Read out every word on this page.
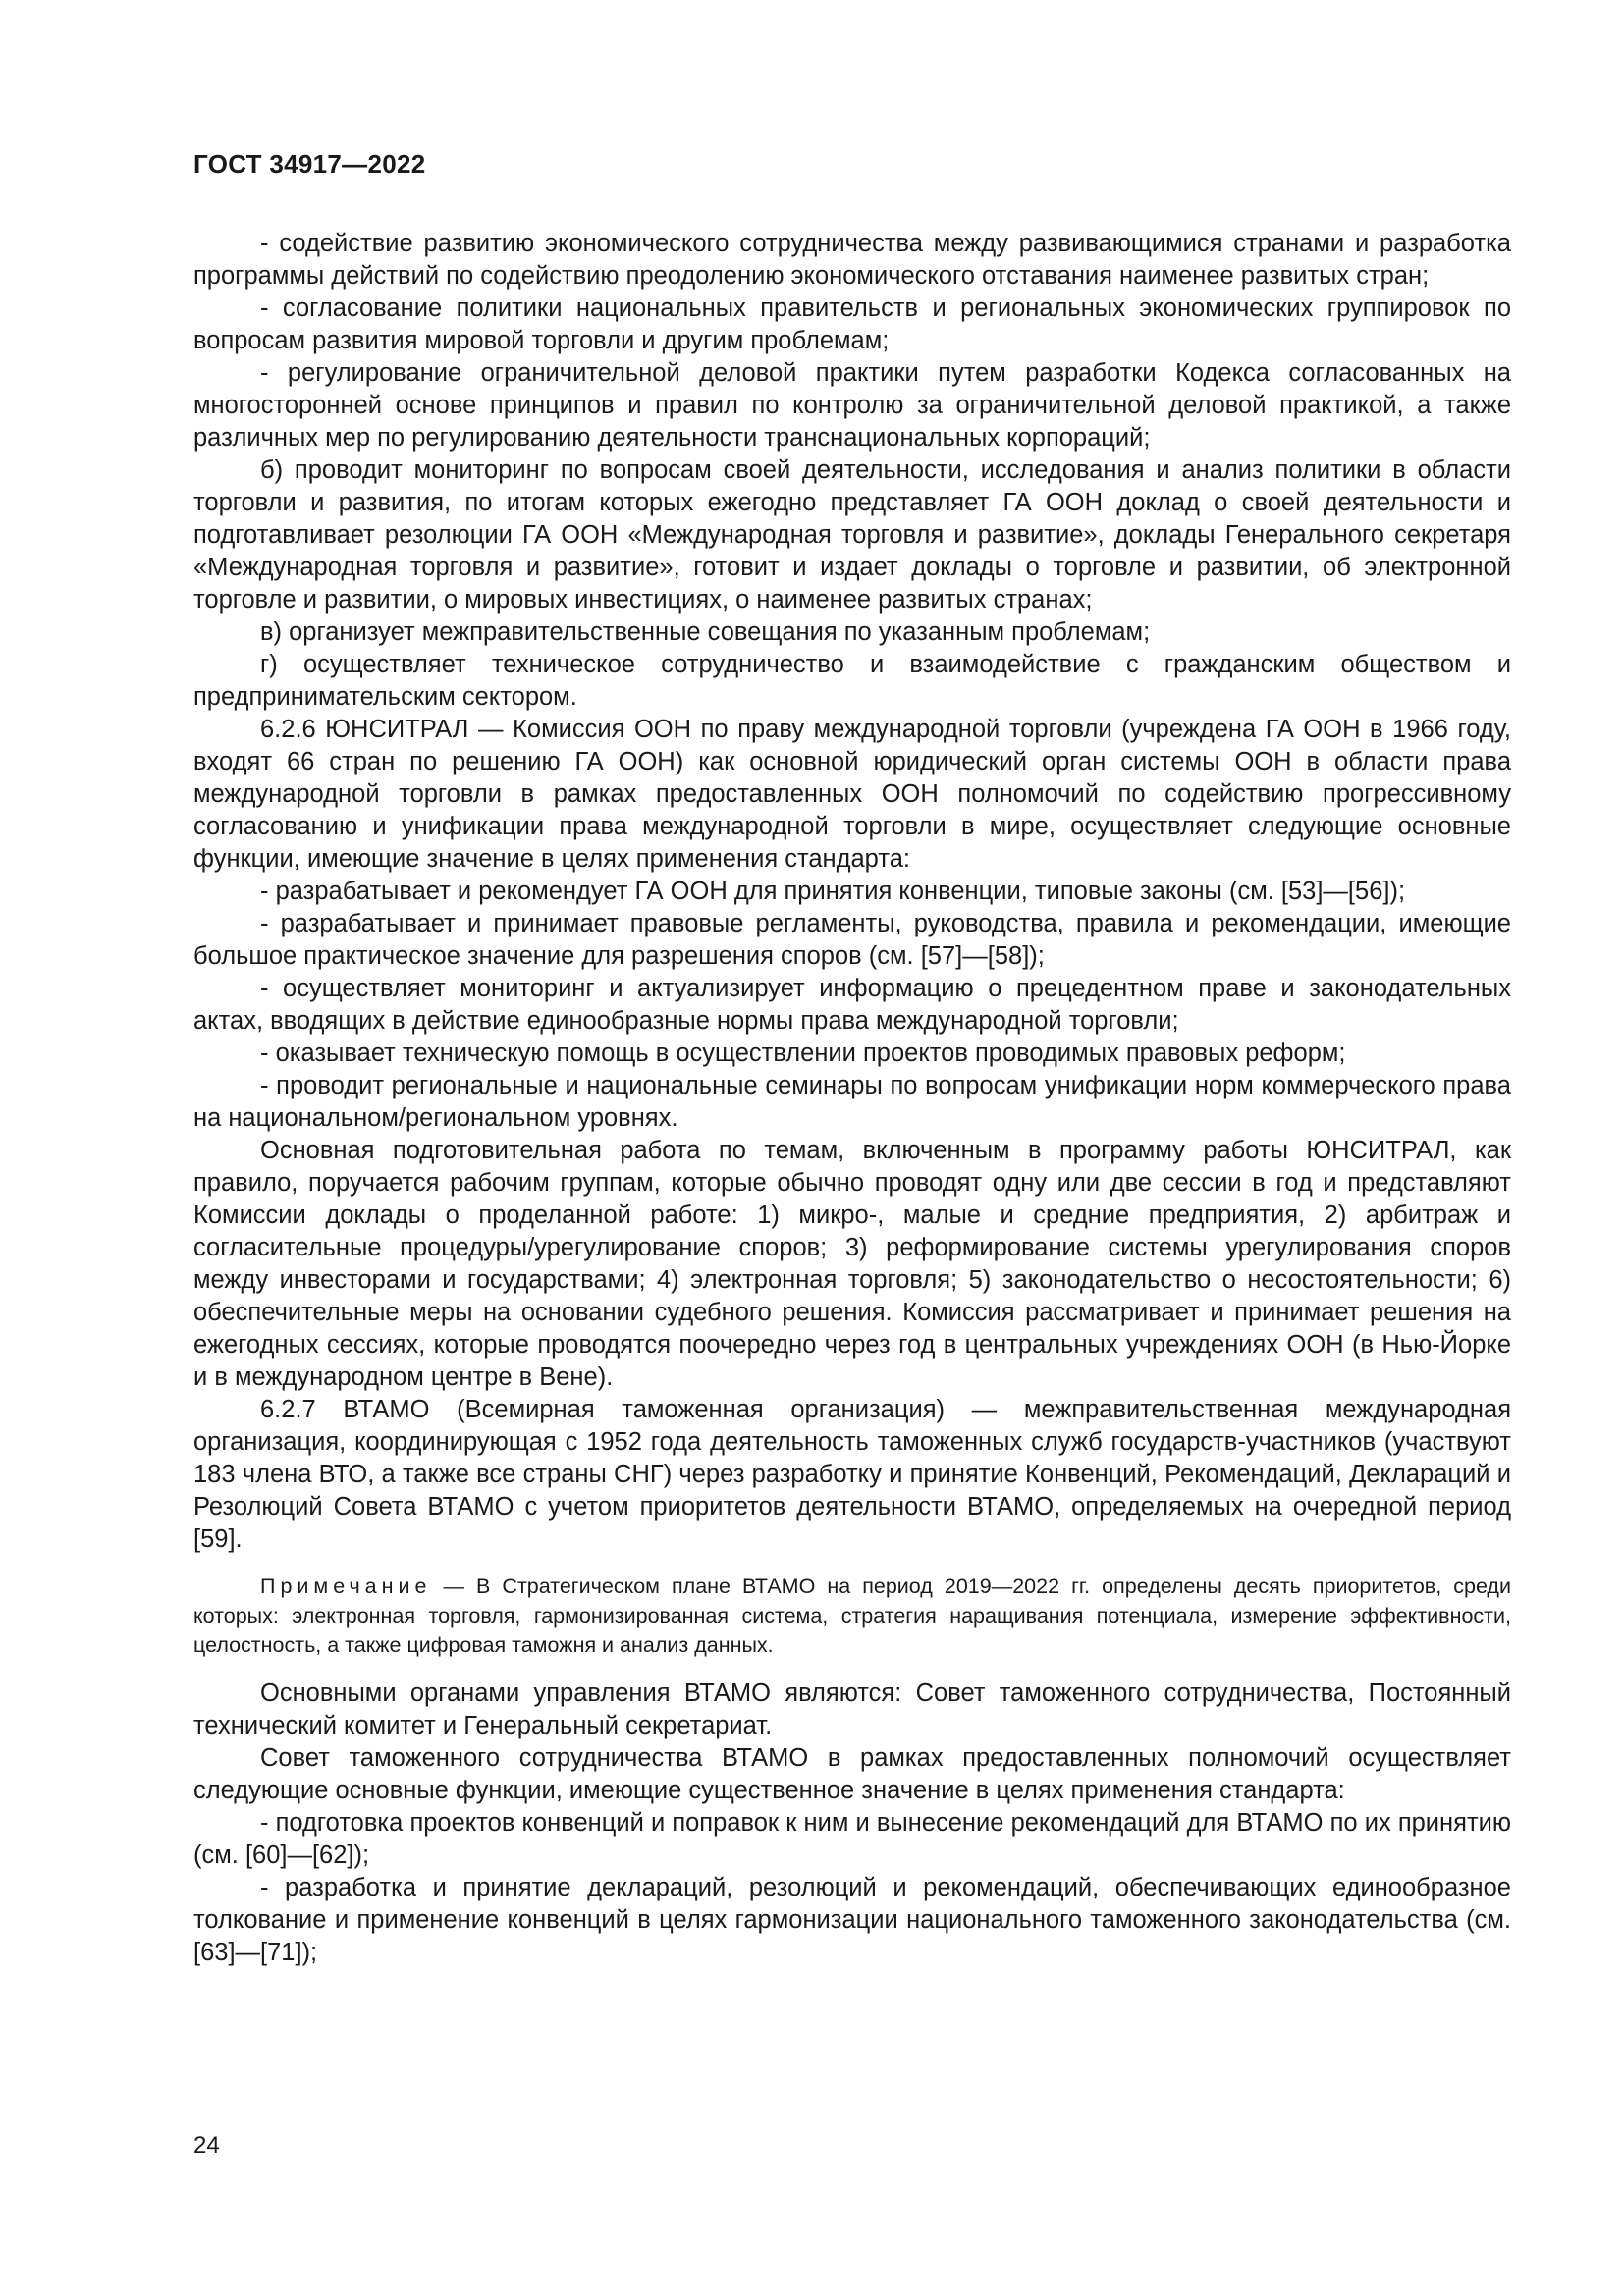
ГОСТ 34917—2022

- содействие развитию экономического сотрудничества между развивающимися странами и разработка программы действий по содействию преодолению экономического отставания наименее развитых стран;

- согласование политики национальных правительств и региональных экономических группировок по вопросам развития мировой торговли и другим проблемам;

- регулирование ограничительной деловой практики путем разработки Кодекса согласованных на многосторонней основе принципов и правил по контролю за ограничительной деловой практикой, а также различных мер по регулированию деятельности транснациональных корпораций;

б) проводит мониторинг по вопросам своей деятельности, исследования и анализ политики в области торговли и развития, по итогам которых ежегодно представляет ГА ООН доклад о своей деятельности и подготавливает резолюции ГА ООН «Международная торговля и развитие», доклады Генерального секретаря «Международная торговля и развитие», готовит и издает доклады о торговле и развитии, об электронной торговле и развитии, о мировых инвестициях, о наименее развитых странах;

в) организует межправительственные совещания по указанным проблемам;

г) осуществляет техническое сотрудничество и взаимодействие с гражданским обществом и предпринимательским сектором.

6.2.6 ЮНСИТРАЛ — Комиссия ООН по праву международной торговли (учреждена ГА ООН в 1966 году, входят 66 стран по решению ГА ООН) как основной юридический орган системы ООН в области права международной торговли в рамках предоставленных ООН полномочий по содействию прогрессивному согласованию и унификации права международной торговли в мире, осуществляет следующие основные функции, имеющие значение в целях применения стандарта:

- разрабатывает и рекомендует ГА ООН для принятия конвенции, типовые законы (см. [53]—[56]);

- разрабатывает и принимает правовые регламенты, руководства, правила и рекомендации, имеющие большое практическое значение для разрешения споров (см. [57]—[58]);

- осуществляет мониторинг и актуализирует информацию о прецедентном праве и законодательных актах, вводящих в действие единообразные нормы права международной торговли;

- оказывает техническую помощь в осуществлении проектов проводимых правовых реформ;

- проводит региональные и национальные семинары по вопросам унификации норм коммерческого права на национальном/региональном уровнях.

Основная подготовительная работа по темам, включенным в программу работы ЮНСИТРАЛ, как правило, поручается рабочим группам, которые обычно проводят одну или две сессии в год и представляют Комиссии доклады о проделанной работе: 1) микро-, малые и средние предприятия, 2) арбитраж и согласительные процедуры/урегулирование споров; 3) реформирование системы урегулирования споров между инвесторами и государствами; 4) электронная торговля; 5) законодательство о несостоятельности; 6) обеспечительные меры на основании судебного решения. Комиссия рассматривает и принимает решения на ежегодных сессиях, которые проводятся поочередно через год в центральных учреждениях ООН (в Нью-Йорке и в международном центре в Вене).

6.2.7 ВТАМО (Всемирная таможенная организация) — межправительственная международная организация, координирующая с 1952 года деятельность таможенных служб государств-участников (участвуют 183 члена ВТО, а также все страны СНГ) через разработку и принятие Конвенций, Рекомендаций, Деклараций и Резолюций Совета ВТАМО с учетом приоритетов деятельности ВТАМО, определяемых на очередной период [59].

Примечание — В Стратегическом плане ВТАМО на период 2019—2022 гг. определены десять приоритетов, среди которых: электронная торговля, гармонизированная система, стратегия наращивания потенциала, измерение эффективности, целостность, а также цифровая таможня и анализ данных.

Основными органами управления ВТАМО являются: Совет таможенного сотрудничества, Постоянный технический комитет и Генеральный секретариат.

Совет таможенного сотрудничества ВТАМО в рамках предоставленных полномочий осуществляет следующие основные функции, имеющие существенное значение в целях применения стандарта:

- подготовка проектов конвенций и поправок к ним и вынесение рекомендаций для ВТАМО по их принятию (см. [60]—[62]);

- разработка и принятие деклараций, резолюций и рекомендаций, обеспечивающих единообразное толкование и применение конвенций в целях гармонизации национального таможенного законодательства (см. [63]—[71]);

24
